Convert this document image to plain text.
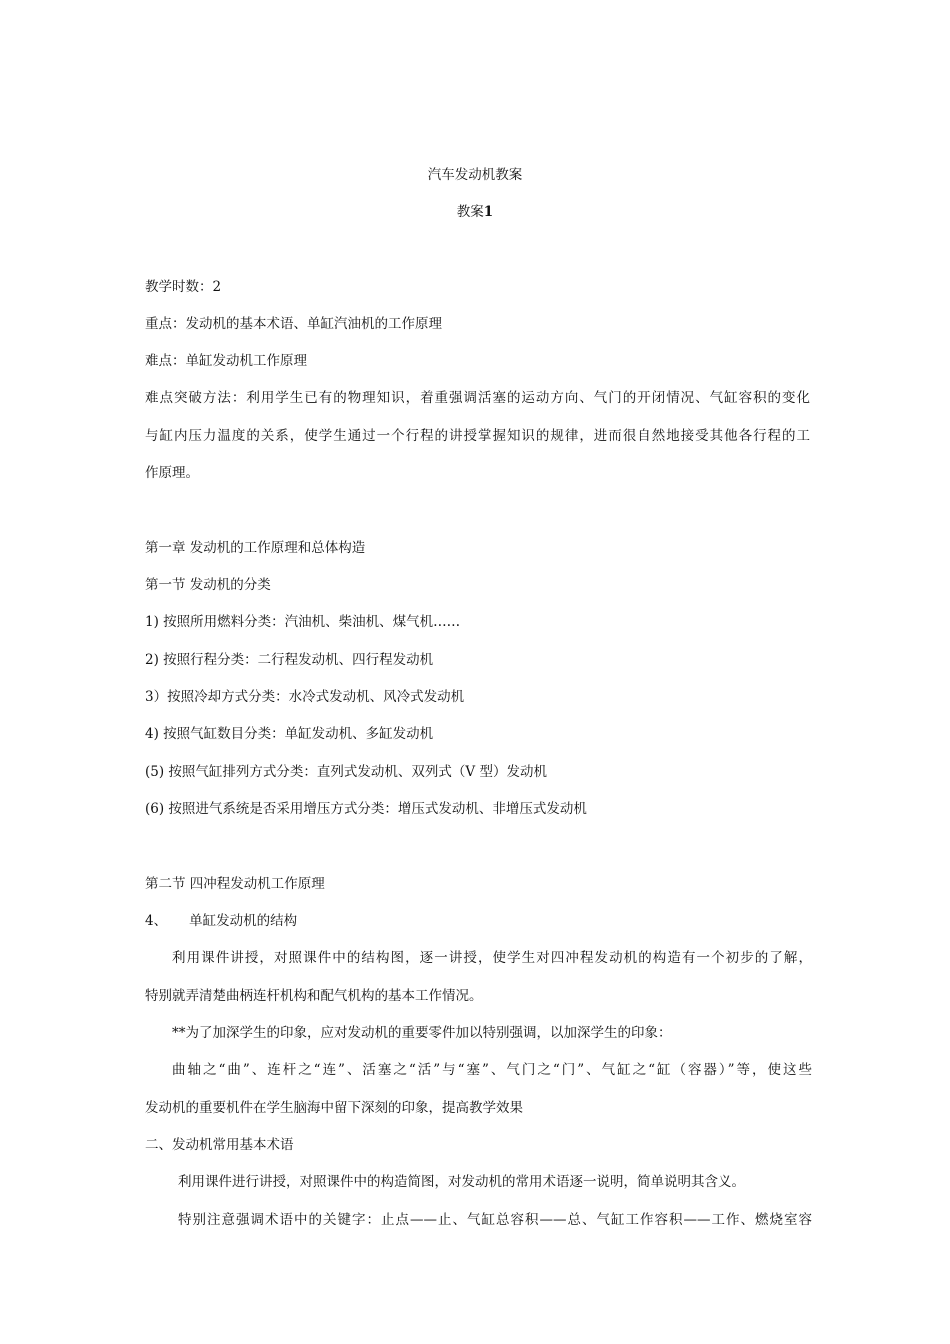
汽车发动机教案
教案1
教学时数：2
重点：发动机的基本术语、单缸汽油机的工作原理
难点：单缸发动机工作原理
难点突破方法：利用学生已有的物理知识，着重强调活塞的运动方向、气门的开闭情况、气缸容积的变化
与缸内压力温度的关系，使学生通过一个行程的讲授掌握知识的规律，进而很自然地接受其他各行程的工
作原理。
第一章 发动机的工作原理和总体构造
第一节 发动机的分类
1) 按照所用燃料分类：汽油机、柴油机、煤气机……
2) 按照行程分类：二行程发动机、四行程发动机
3）按照冷却方式分类：水冷式发动机、风冷式发动机
4) 按照气缸数目分类：单缸发动机、多缸发动机
(5) 按照气缸排列方式分类：直列式发动机、双列式（V 型）发动机
(6) 按照进气系统是否采用增压方式分类：增压式发动机、非增压式发动机
第二节 四冲程发动机工作原理
4、 单缸发动机的结构
利用课件讲授，对照课件中的结构图，逐一讲授，使学生对四冲程发动机的构造有一个初步的了解，
特别就弄清楚曲柄连杆机构和配气机构的基本工作情况。
**为了加深学生的印象，应对发动机的重要零件加以特别强调，以加深学生的印象：
曲轴之“曲”、连杆之“连”、活塞之“活”与“塞”、气门之“门”、气缸之“缸（容器）”等，使这些
发动机的重要机件在学生脑海中留下深刻的印象，提高教学效果
二、发动机常用基本术语
利用课件进行讲授，对照课件中的构造简图，对发动机的常用术语逐一说明，简单说明其含义。
特别注意强调术语中的关键字：止点——止、气缸总容积——总、气缸工作容积——工作、燃烧室容
